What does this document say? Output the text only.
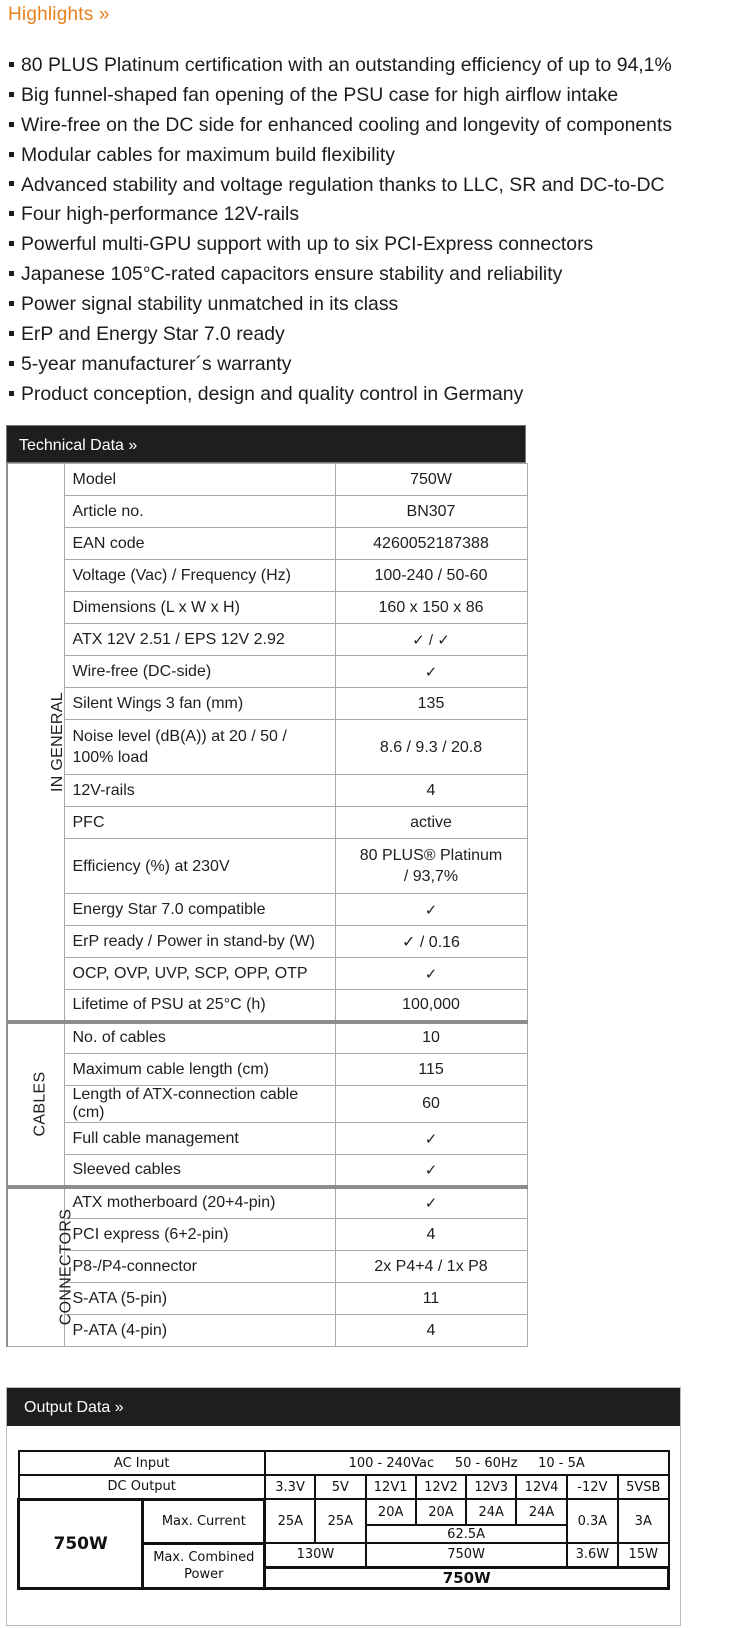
Highlights »
80 PLUS Platinum certification with an outstanding efficiency of up to 94,1%
Big funnel-shaped fan opening of the PSU case for high airflow intake
Wire-free on the DC side for enhanced cooling and longevity of components
Modular cables for maximum build flexibility
Advanced stability and voltage regulation thanks to LLC, SR and DC-to-DC
Four high-performance 12V-rails
Powerful multi-GPU support with up to six PCI-Express connectors
Japanese 105°C-rated capacitors ensure stability and reliability
Power signal stability unmatched in its class
ErP and Energy Star 7.0 ready
5-year manufacturer´s warranty
Product conception, design and quality control in Germany
Technical Data »
IN GENERAL	Model	750W
	Article no.	BN307
	EAN code	4260052187388
	Voltage (Vac) / Frequency (Hz)	100-240 / 50-60
	Dimensions (L x W x H)	160 x 150 x 86
	ATX 12V 2.51 / EPS 12V 2.92	✓ / ✓
	Wire-free (DC-side)	✓
	Silent Wings 3 fan (mm)	135
	Noise level (dB(A)) at 20 / 50 / 100% load	8.6 / 9.3 / 20.8
	12V-rails	4
	PFC	active
	Efficiency (%) at 230V	80 PLUS® Platinum / 93,7%
	Energy Star 7.0 compatible	✓
	ErP ready / Power in stand-by (W)	✓ / 0.16
	OCP, OVP, UVP, SCP, OPP, OTP	✓
	Lifetime of PSU at 25°C (h)	100,000
CABLES	No. of cables	10
	Maximum cable length (cm)	115
	Length of ATX-connection cable (cm)	60
	Full cable management	✓
	Sleeved cables	✓
CONNECTORS	ATX motherboard (20+4-pin)	✓
	PCI express (6+2-pin)	4
	P8-/P4-connector	2x P4+4 / 1x P8
	S-ATA (5-pin)	11
	P-ATA (4-pin)	4
Output Data »
AC Input		100 - 240Vac     50 - 60Hz     10 - 5A							
DC Output		3.3V	5V	12V1	12V2	12V3	12V4	-12V	5VSB
750W	Max. Current	25A	25A	20A	20A	24A	24A	0.3A	3A
				62.5A					
	Max. Combined Power	130W		750W				3.6W	15W
		750W							
